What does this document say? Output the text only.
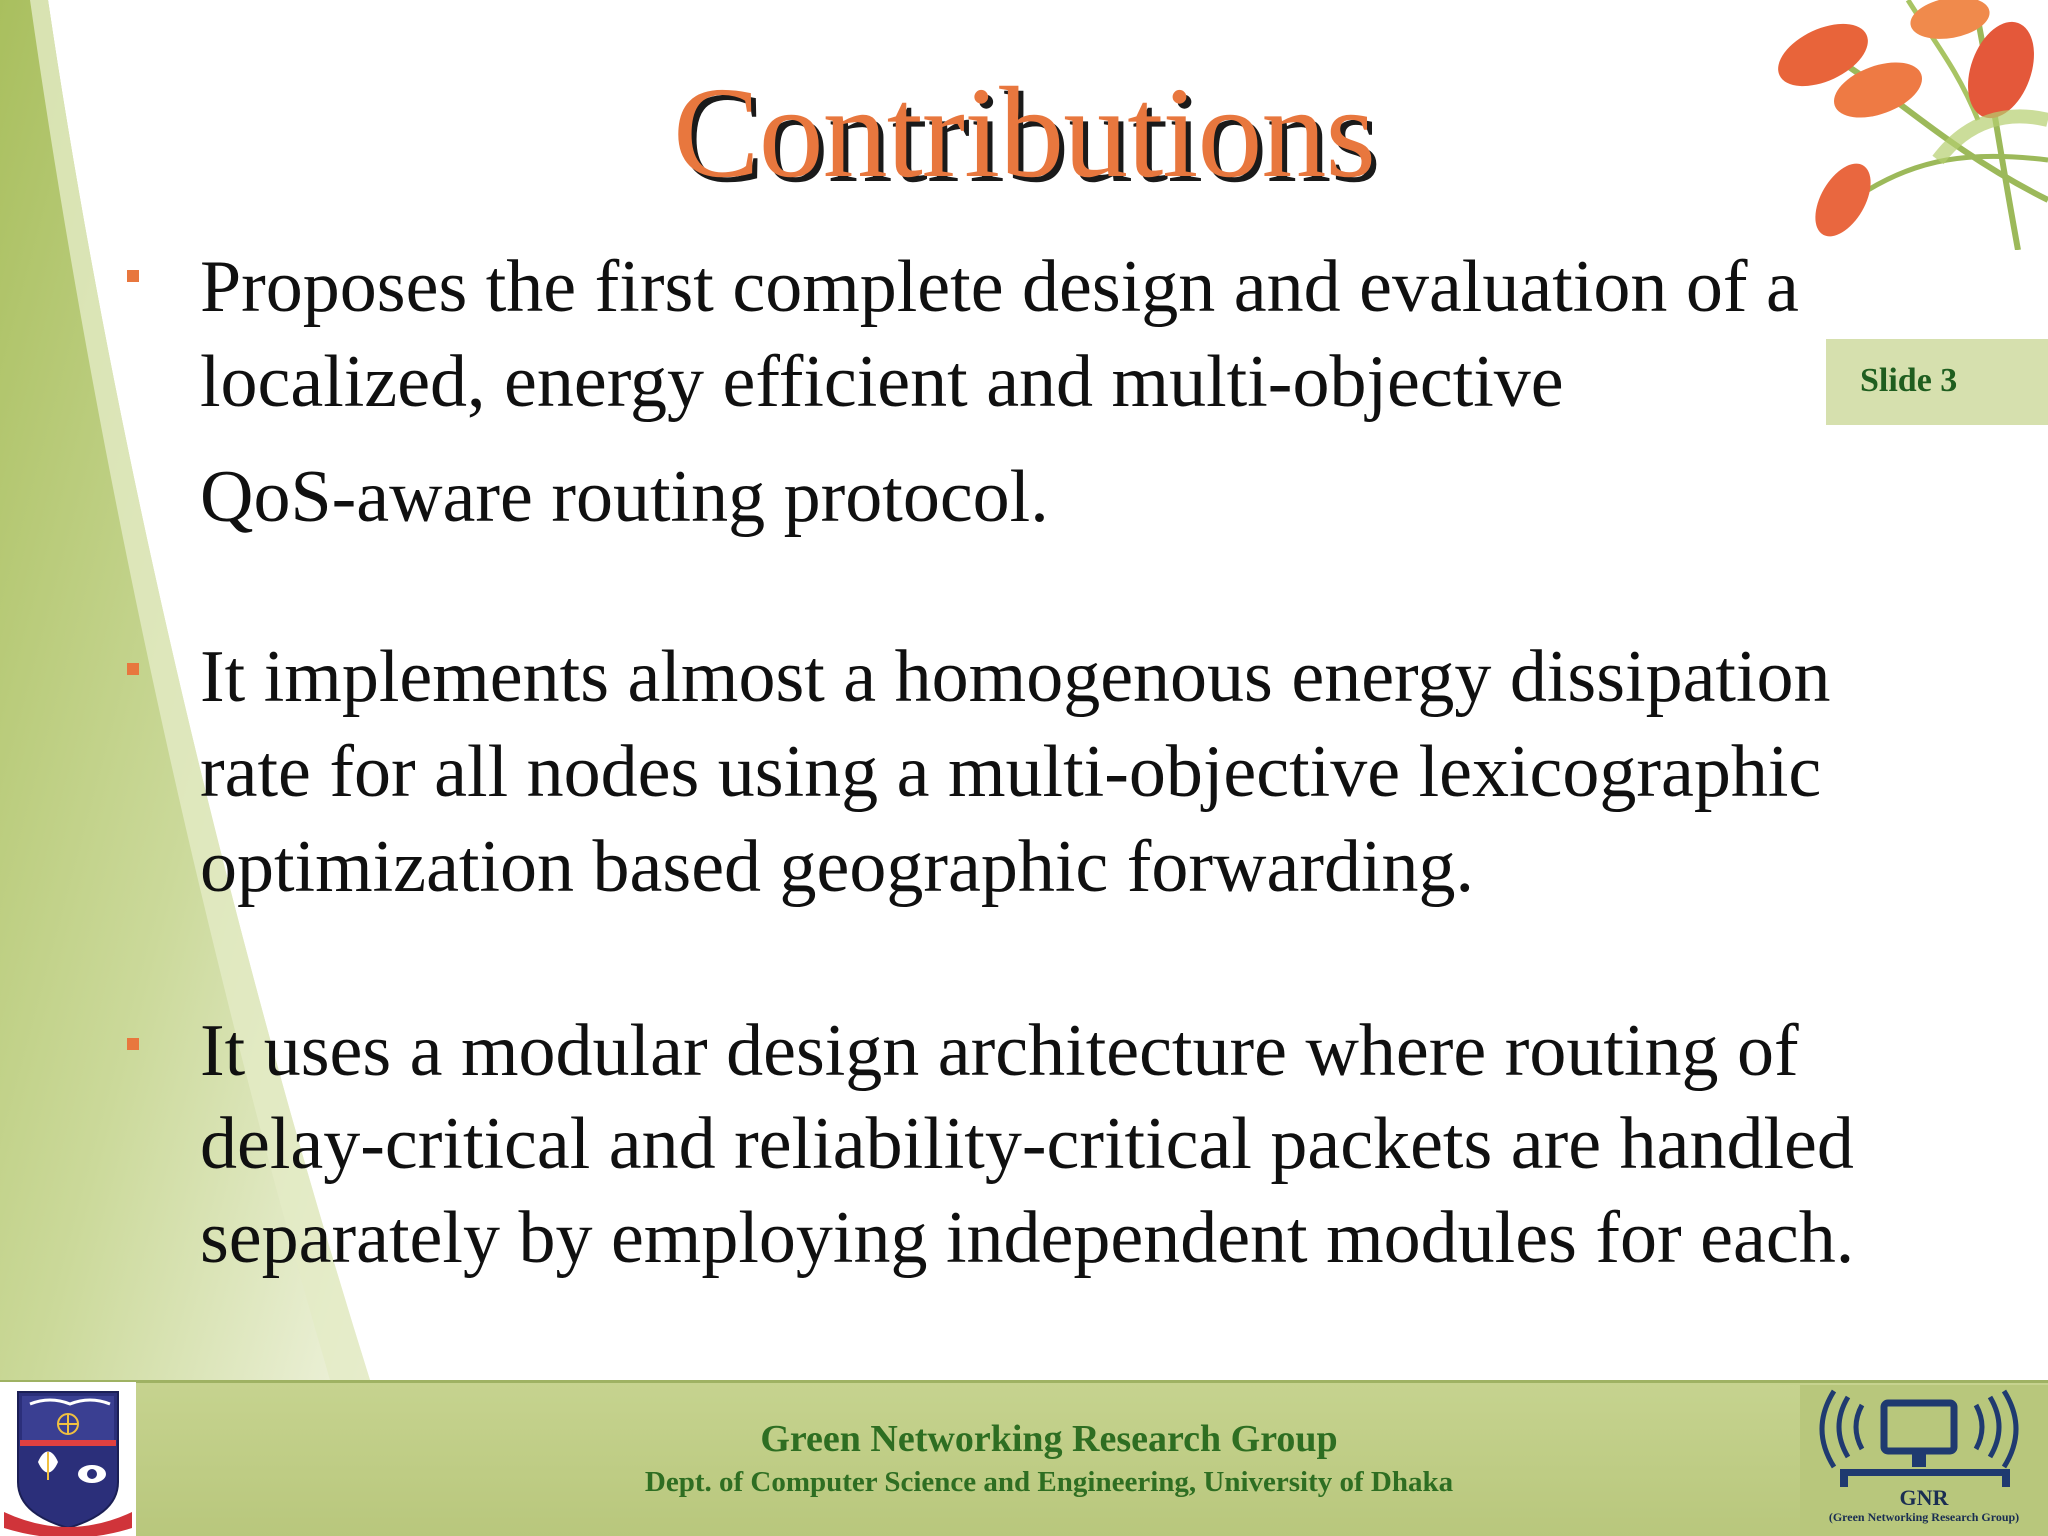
Contributions
Slide 3
Proposes the first complete design and evaluation of a
localized, energy efficient and multi-objective
QoS-aware routing protocol.
It implements almost a homogenous energy dissipation
rate for all nodes using a multi-objective lexicographic
optimization based geographic forwarding.
It uses a modular design architecture where routing of
delay-critical and reliability-critical packets are handled
separately by employing independent modules for each.
Green Networking Research Group
Dept. of Computer Science and Engineering, University of Dhaka	GNR
(Green Networking Research Group)
